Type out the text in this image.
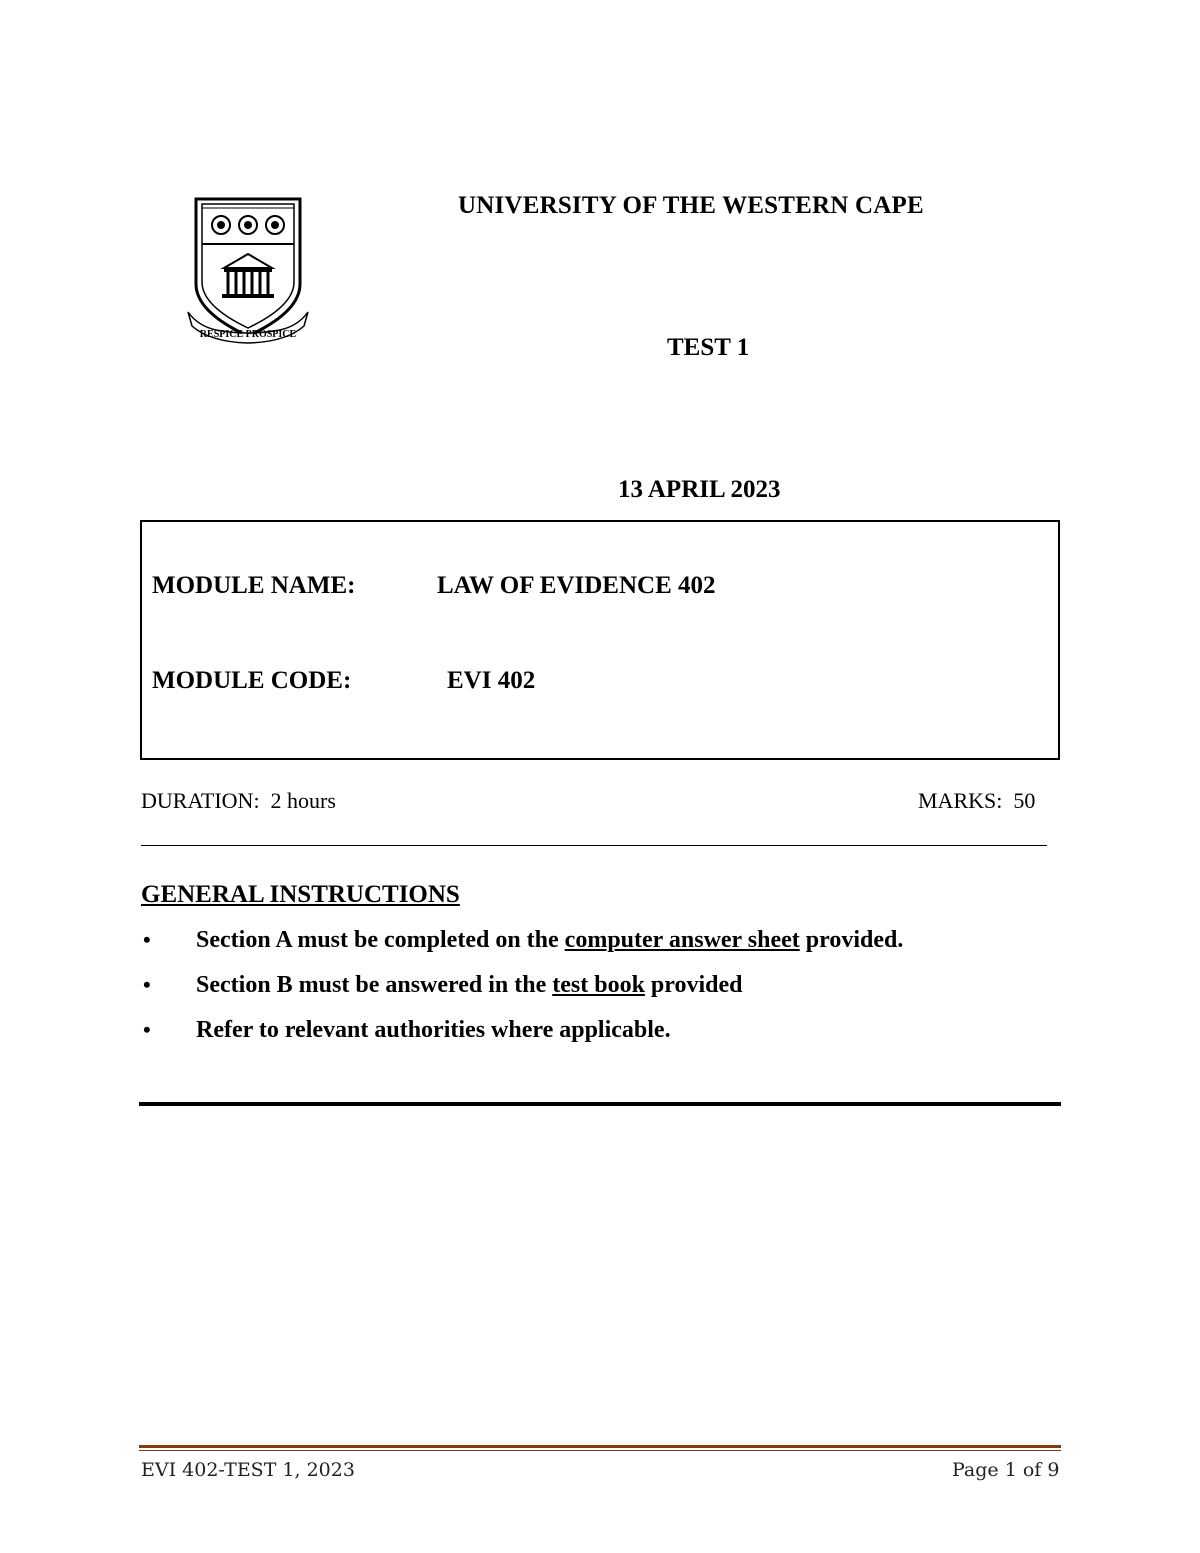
RESPICE PROSPICE
UNIVERSITY OF THE WESTERN CAPE
TEST 1
13 APRIL 2023
MODULE NAME:	LAW OF EVIDENCE 402
MODULE CODE:	EVI 402
DURATION:  2 hours	MARKS:  50
GENERAL INSTRUCTIONS
• Section A must be completed on the computer answer sheet provided.
• Section B must be answered in the test book provided
• Refer to relevant authorities where applicable.
EVI 402-TEST 1, 2023	Page 1 of 9
